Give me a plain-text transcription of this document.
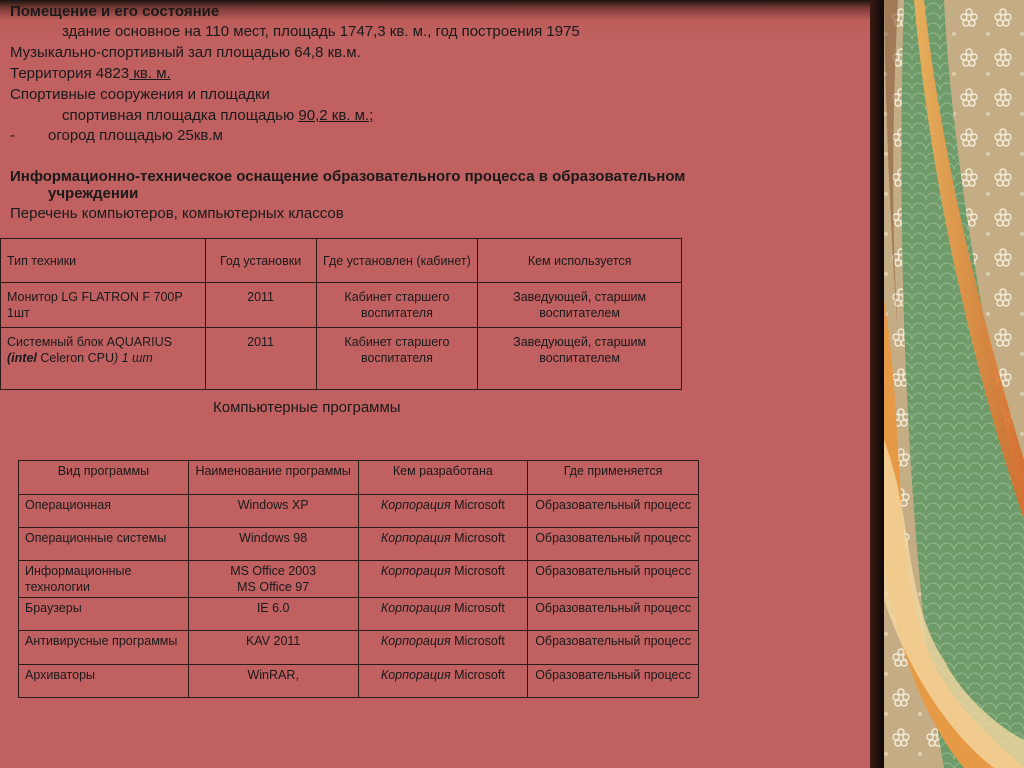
Помещение и его состояние
здание основное на 110 мест, площадь 1747,3 кв. м., год построения 1975
Музыкально-спортивный зал площадью 64,8 кв.м.
Территория 4823 кв. м.
Спортивные сооружения и площадки
спортивная площадка площадью 90,2 кв. м.;
- огород площадью 25кв.м
Информационно-техническое оснащение образовательного процесса в образовательном
учреждении
Перечень компьютеров, компьютерных классов
Тип техники	Год установки	Где установлен (кабинет)	Кем используется
Монитор LG FLATRON F 700P 1шт	2011	Кабинет старшего воспитателя	Заведующей, старшим воспитателем
Системный блок AQUARIUS
(intel Celeron CPU) 1 шт	2011	Кабинет старшего воспитателя	Заведующей, старшим воспитателем
Компьютерные программы
Вид программы	Наименование программы	Кем разработана	Где применяется
Операционная	Windows XP	Корпорация Microsoft	Образовательный процесс
Операционные системы	Windows 98	Корпорация Microsoft	Образовательный процесс
Информационные технологии	MS Office 2003
MS Office 97	Корпорация Microsoft	Образовательный процесс
Браузеры	IE 6.0	Корпорация Microsoft	Образовательный процесс
Антивирусные программы	KAV 2011	Корпорация Microsoft	Образовательный процесс
Архиваторы	WinRAR,	Корпорация Microsoft	Образовательный процесс
